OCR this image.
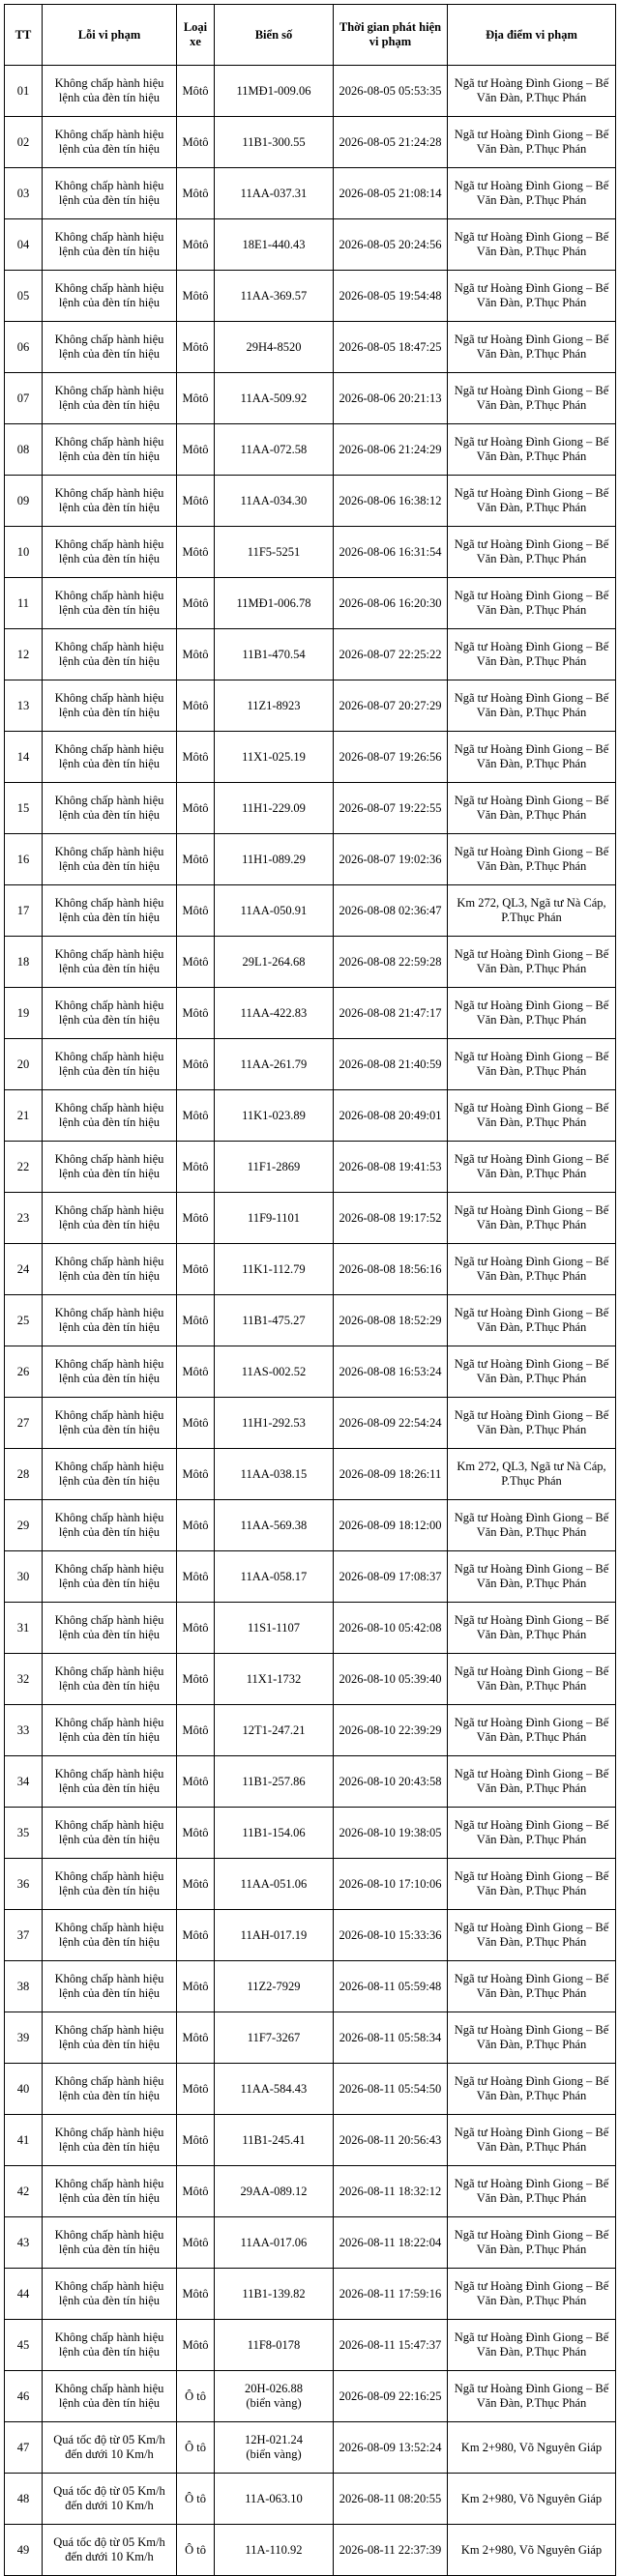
TT	Lỗi vi phạm	Loại xe	Biển số	Thời gian phát hiện vi phạm	Địa điểm vi phạm
01	Không chấp hành hiệu lệnh của đèn tín hiệu	Môtô	11MĐ1-009.06	2026-08-05 05:53:35	Ngã tư Hoàng Đình Giong – Bế Văn Đàn, P.Thục Phán
02	Không chấp hành hiệu lệnh của đèn tín hiệu	Môtô	11B1-300.55	2026-08-05 21:24:28	Ngã tư Hoàng Đình Giong – Bế Văn Đàn, P.Thục Phán
03	Không chấp hành hiệu lệnh của đèn tín hiệu	Môtô	11AA-037.31	2026-08-05 21:08:14	Ngã tư Hoàng Đình Giong – Bế Văn Đàn, P.Thục Phán
04	Không chấp hành hiệu lệnh của đèn tín hiệu	Môtô	18E1-440.43	2026-08-05 20:24:56	Ngã tư Hoàng Đình Giong – Bế Văn Đàn, P.Thục Phán
05	Không chấp hành hiệu lệnh của đèn tín hiệu	Môtô	11AA-369.57	2026-08-05 19:54:48	Ngã tư Hoàng Đình Giong – Bế Văn Đàn, P.Thục Phán
06	Không chấp hành hiệu lệnh của đèn tín hiệu	Môtô	29H4-8520	2026-08-05 18:47:25	Ngã tư Hoàng Đình Giong – Bế Văn Đàn, P.Thục Phán
07	Không chấp hành hiệu lệnh của đèn tín hiệu	Môtô	11AA-509.92	2026-08-06 20:21:13	Ngã tư Hoàng Đình Giong – Bế Văn Đàn, P.Thục Phán
08	Không chấp hành hiệu lệnh của đèn tín hiệu	Môtô	11AA-072.58	2026-08-06 21:24:29	Ngã tư Hoàng Đình Giong – Bế Văn Đàn, P.Thục Phán
09	Không chấp hành hiệu lệnh của đèn tín hiệu	Môtô	11AA-034.30	2026-08-06 16:38:12	Ngã tư Hoàng Đình Giong – Bế Văn Đàn, P.Thục Phán
10	Không chấp hành hiệu lệnh của đèn tín hiệu	Môtô	11F5-5251	2026-08-06 16:31:54	Ngã tư Hoàng Đình Giong – Bế Văn Đàn, P.Thục Phán
11	Không chấp hành hiệu lệnh của đèn tín hiệu	Môtô	11MĐ1-006.78	2026-08-06 16:20:30	Ngã tư Hoàng Đình Giong – Bế Văn Đàn, P.Thục Phán
12	Không chấp hành hiệu lệnh của đèn tín hiệu	Môtô	11B1-470.54	2026-08-07 22:25:22	Ngã tư Hoàng Đình Giong – Bế Văn Đàn, P.Thục Phán
13	Không chấp hành hiệu lệnh của đèn tín hiệu	Môtô	11Z1-8923	2026-08-07 20:27:29	Ngã tư Hoàng Đình Giong – Bế Văn Đàn, P.Thục Phán
14	Không chấp hành hiệu lệnh của đèn tín hiệu	Môtô	11X1-025.19	2026-08-07 19:26:56	Ngã tư Hoàng Đình Giong – Bế Văn Đàn, P.Thục Phán
15	Không chấp hành hiệu lệnh của đèn tín hiệu	Môtô	11H1-229.09	2026-08-07 19:22:55	Ngã tư Hoàng Đình Giong – Bế Văn Đàn, P.Thục Phán
16	Không chấp hành hiệu lệnh của đèn tín hiệu	Môtô	11H1-089.29	2026-08-07 19:02:36	Ngã tư Hoàng Đình Giong – Bế Văn Đàn, P.Thục Phán
17	Không chấp hành hiệu lệnh của đèn tín hiệu	Môtô	11AA-050.91	2026-08-08 02:36:47	Km 272, QL3, Ngã tư Nà Cáp, P.Thục Phán
18	Không chấp hành hiệu lệnh của đèn tín hiệu	Môtô	29L1-264.68	2026-08-08 22:59:28	Ngã tư Hoàng Đình Giong – Bế Văn Đàn, P.Thục Phán
19	Không chấp hành hiệu lệnh của đèn tín hiệu	Môtô	11AA-422.83	2026-08-08 21:47:17	Ngã tư Hoàng Đình Giong – Bế Văn Đàn, P.Thục Phán
20	Không chấp hành hiệu lệnh của đèn tín hiệu	Môtô	11AA-261.79	2026-08-08 21:40:59	Ngã tư Hoàng Đình Giong – Bế Văn Đàn, P.Thục Phán
21	Không chấp hành hiệu lệnh của đèn tín hiệu	Môtô	11K1-023.89	2026-08-08 20:49:01	Ngã tư Hoàng Đình Giong – Bế Văn Đàn, P.Thục Phán
22	Không chấp hành hiệu lệnh của đèn tín hiệu	Môtô	11F1-2869	2026-08-08 19:41:53	Ngã tư Hoàng Đình Giong – Bế Văn Đàn, P.Thục Phán
23	Không chấp hành hiệu lệnh của đèn tín hiệu	Môtô	11F9-1101	2026-08-08 19:17:52	Ngã tư Hoàng Đình Giong – Bế Văn Đàn, P.Thục Phán
24	Không chấp hành hiệu lệnh của đèn tín hiệu	Môtô	11K1-112.79	2026-08-08 18:56:16	Ngã tư Hoàng Đình Giong – Bế Văn Đàn, P.Thục Phán
25	Không chấp hành hiệu lệnh của đèn tín hiệu	Môtô	11B1-475.27	2026-08-08 18:52:29	Ngã tư Hoàng Đình Giong – Bế Văn Đàn, P.Thục Phán
26	Không chấp hành hiệu lệnh của đèn tín hiệu	Môtô	11AS-002.52	2026-08-08 16:53:24	Ngã tư Hoàng Đình Giong – Bế Văn Đàn, P.Thục Phán
27	Không chấp hành hiệu lệnh của đèn tín hiệu	Môtô	11H1-292.53	2026-08-09 22:54:24	Ngã tư Hoàng Đình Giong – Bế Văn Đàn, P.Thục Phán
28	Không chấp hành hiệu lệnh của đèn tín hiệu	Môtô	11AA-038.15	2026-08-09 18:26:11	Km 272, QL3, Ngã tư Nà Cáp, P.Thục Phán
29	Không chấp hành hiệu lệnh của đèn tín hiệu	Môtô	11AA-569.38	2026-08-09 18:12:00	Ngã tư Hoàng Đình Giong – Bế Văn Đàn, P.Thục Phán
30	Không chấp hành hiệu lệnh của đèn tín hiệu	Môtô	11AA-058.17	2026-08-09 17:08:37	Ngã tư Hoàng Đình Giong – Bế Văn Đàn, P.Thục Phán
31	Không chấp hành hiệu lệnh của đèn tín hiệu	Môtô	11S1-1107	2026-08-10 05:42:08	Ngã tư Hoàng Đình Giong – Bế Văn Đàn, P.Thục Phán
32	Không chấp hành hiệu lệnh của đèn tín hiệu	Môtô	11X1-1732	2026-08-10 05:39:40	Ngã tư Hoàng Đình Giong – Bế Văn Đàn, P.Thục Phán
33	Không chấp hành hiệu lệnh của đèn tín hiệu	Môtô	12T1-247.21	2026-08-10 22:39:29	Ngã tư Hoàng Đình Giong – Bế Văn Đàn, P.Thục Phán
34	Không chấp hành hiệu lệnh của đèn tín hiệu	Môtô	11B1-257.86	2026-08-10 20:43:58	Ngã tư Hoàng Đình Giong – Bế Văn Đàn, P.Thục Phán
35	Không chấp hành hiệu lệnh của đèn tín hiệu	Môtô	11B1-154.06	2026-08-10 19:38:05	Ngã tư Hoàng Đình Giong – Bế Văn Đàn, P.Thục Phán
36	Không chấp hành hiệu lệnh của đèn tín hiệu	Môtô	11AA-051.06	2026-08-10 17:10:06	Ngã tư Hoàng Đình Giong – Bế Văn Đàn, P.Thục Phán
37	Không chấp hành hiệu lệnh của đèn tín hiệu	Môtô	11AH-017.19	2026-08-10 15:33:36	Ngã tư Hoàng Đình Giong – Bế Văn Đàn, P.Thục Phán
38	Không chấp hành hiệu lệnh của đèn tín hiệu	Môtô	11Z2-7929	2026-08-11 05:59:48	Ngã tư Hoàng Đình Giong – Bế Văn Đàn, P.Thục Phán
39	Không chấp hành hiệu lệnh của đèn tín hiệu	Môtô	11F7-3267	2026-08-11 05:58:34	Ngã tư Hoàng Đình Giong – Bế Văn Đàn, P.Thục Phán
40	Không chấp hành hiệu lệnh của đèn tín hiệu	Môtô	11AA-584.43	2026-08-11 05:54:50	Ngã tư Hoàng Đình Giong – Bế Văn Đàn, P.Thục Phán
41	Không chấp hành hiệu lệnh của đèn tín hiệu	Môtô	11B1-245.41	2026-08-11 20:56:43	Ngã tư Hoàng Đình Giong – Bế Văn Đàn, P.Thục Phán
42	Không chấp hành hiệu lệnh của đèn tín hiệu	Môtô	29AA-089.12	2026-08-11 18:32:12	Ngã tư Hoàng Đình Giong – Bế Văn Đàn, P.Thục Phán
43	Không chấp hành hiệu lệnh của đèn tín hiệu	Môtô	11AA-017.06	2026-08-11 18:22:04	Ngã tư Hoàng Đình Giong – Bế Văn Đàn, P.Thục Phán
44	Không chấp hành hiệu lệnh của đèn tín hiệu	Môtô	11B1-139.82	2026-08-11 17:59:16	Ngã tư Hoàng Đình Giong – Bế Văn Đàn, P.Thục Phán
45	Không chấp hành hiệu lệnh của đèn tín hiệu	Môtô	11F8-0178	2026-08-11 15:47:37	Ngã tư Hoàng Đình Giong – Bế Văn Đàn, P.Thục Phán
46	Không chấp hành hiệu lệnh của đèn tín hiệu	Ô tô	20H-026.88
(biển vàng)	2026-08-09 22:16:25	Ngã tư Hoàng Đình Giong – Bế Văn Đàn, P.Thục Phán
47	Quá tốc độ từ 05 Km/h đến dưới 10 Km/h	Ô tô	12H-021.24
(biển vàng)	2026-08-09 13:52:24	Km 2+980, Võ Nguyên Giáp
48	Quá tốc độ từ 05 Km/h đến dưới 10 Km/h	Ô tô	11A-063.10	2026-08-11 08:20:55	Km 2+980, Võ Nguyên Giáp
49	Quá tốc độ từ 05 Km/h đến dưới 10 Km/h	Ô tô	11A-110.92	2026-08-11 22:37:39	Km 2+980, Võ Nguyên Giáp
